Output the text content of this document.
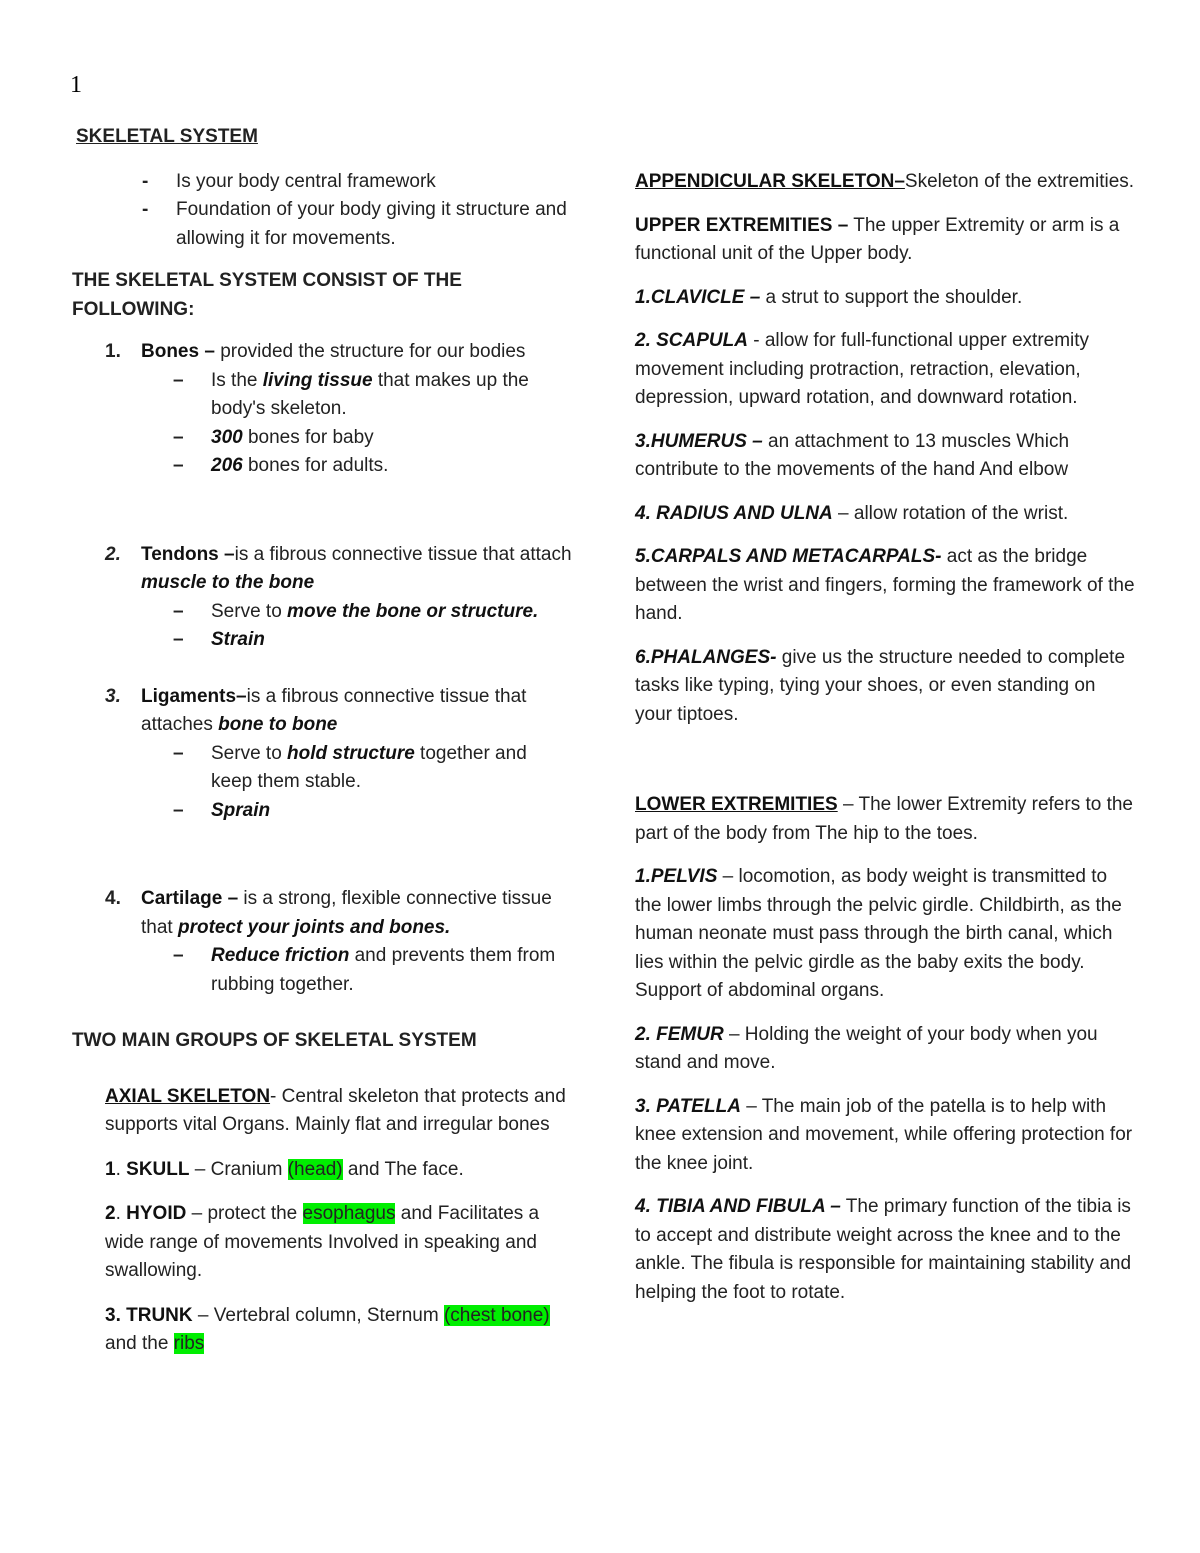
1

SKELETAL SYSTEM

- Is your body central framework
- Foundation of your body giving it structure and allowing it for movements.

THE SKELETAL SYSTEM CONSIST OF THE FOLLOWING:

1. Bones – provided the structure for our bodies
– Is the living tissue that makes up the body's skeleton.
– 300 bones for baby
– 206 bones for adults.
2. Tendons –is a fibrous connective tissue that attach muscle to the bone
– Serve to move the bone or structure.
– Strain
3. Ligaments–is a fibrous connective tissue that attaches bone to bone
– Serve to hold structure together and keep them stable.
– Sprain
4. Cartilage – is a strong, flexible connective tissue that protect your joints and bones.
– Reduce friction and prevents them from rubbing together.

TWO MAIN GROUPS OF SKELETAL SYSTEM

AXIAL SKELETON- Central skeleton that protects and supports vital Organs. Mainly flat and irregular bones

1. SKULL – Cranium (head) and The face.

2. HYOID – protect the esophagus and Facilitates a wide range of movements Involved in speaking and swallowing.

3. TRUNK – Vertebral column, Sternum (chest bone) and the ribs

APPENDICULAR SKELETON–Skeleton of the extremities.

UPPER EXTREMITIES – The upper Extremity or arm is a functional unit of the Upper body.

1.CLAVICLE – a strut to support the shoulder.

2. SCAPULA - allow for full-functional upper extremity movement including protraction, retraction, elevation, depression, upward rotation, and downward rotation.

3.HUMERUS – an attachment to 13 muscles Which contribute to the movements of the hand And elbow

4. RADIUS AND ULNA – allow rotation of the wrist.

5.CARPALS AND METACARPALS- act as the bridge between the wrist and fingers, forming the framework of the hand.

6.PHALANGES- give us the structure needed to complete tasks like typing, tying your shoes, or even standing on your tiptoes.

LOWER EXTREMITIES – The lower Extremity refers to the part of the body from The hip to the toes.

1.PELVIS – locomotion, as body weight is transmitted to the lower limbs through the pelvic girdle. Childbirth, as the human neonate must pass through the birth canal, which lies within the pelvic girdle as the baby exits the body. Support of abdominal organs.

2. FEMUR – Holding the weight of your body when you stand and move.

3. PATELLA – The main job of the patella is to help with knee extension and movement, while offering protection for the knee joint.

4. TIBIA AND FIBULA – The primary function of the tibia is to accept and distribute weight across the knee and to the ankle. The fibula is responsible for maintaining stability and helping the foot to rotate.
